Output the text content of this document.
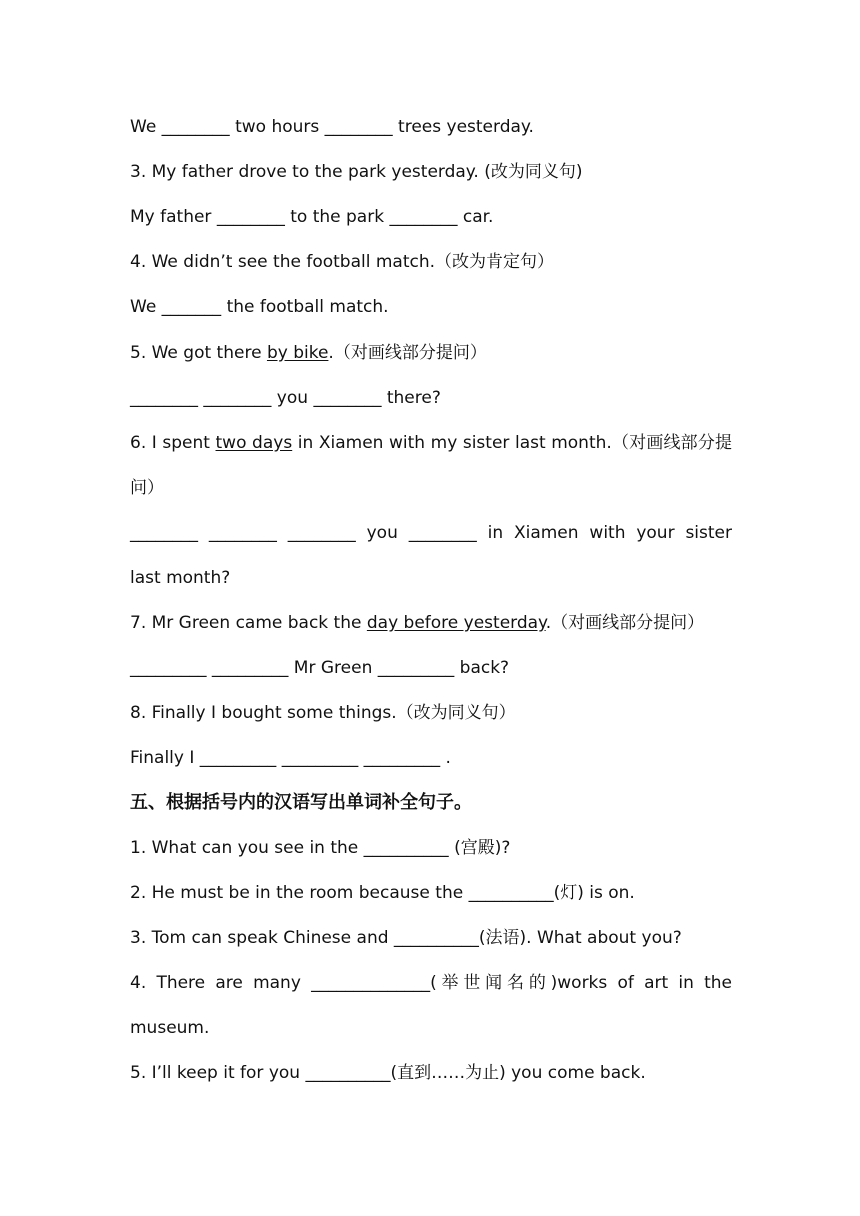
We ________ two hours ________ trees yesterday.
3. My father drove to the park yesterday. (改为同义句)
My father ________ to the park ________ car.
4. We didn’t see the football match.（改为肯定句）
We _______ the football match.
5. We got there by bike.（对画线部分提问）
________ ________ you ________ there?
6. I spent two days in Xiamen with my sister last month.（对画线部分提
问）
________ ________ ________ you ________ in Xiamen with your sister
last month?
7. Mr Green came back the day before yesterday.（对画线部分提问）
_________ _________ Mr Green _________ back?
8. Finally I bought some things.（改为同义句）
Finally I _________ _________ _________ .
五、根据括号内的汉语写出单词补全句子。
1. What can you see in the __________ (宫殿)?
2. He must be in the room because the __________(灯) is on.
3. Tom can speak Chinese and __________(法语). What about you?
4. There are many ______________(举世闻名的)works of art in the
museum.
5. I’ll keep it for you __________(直到……为止) you come back.
